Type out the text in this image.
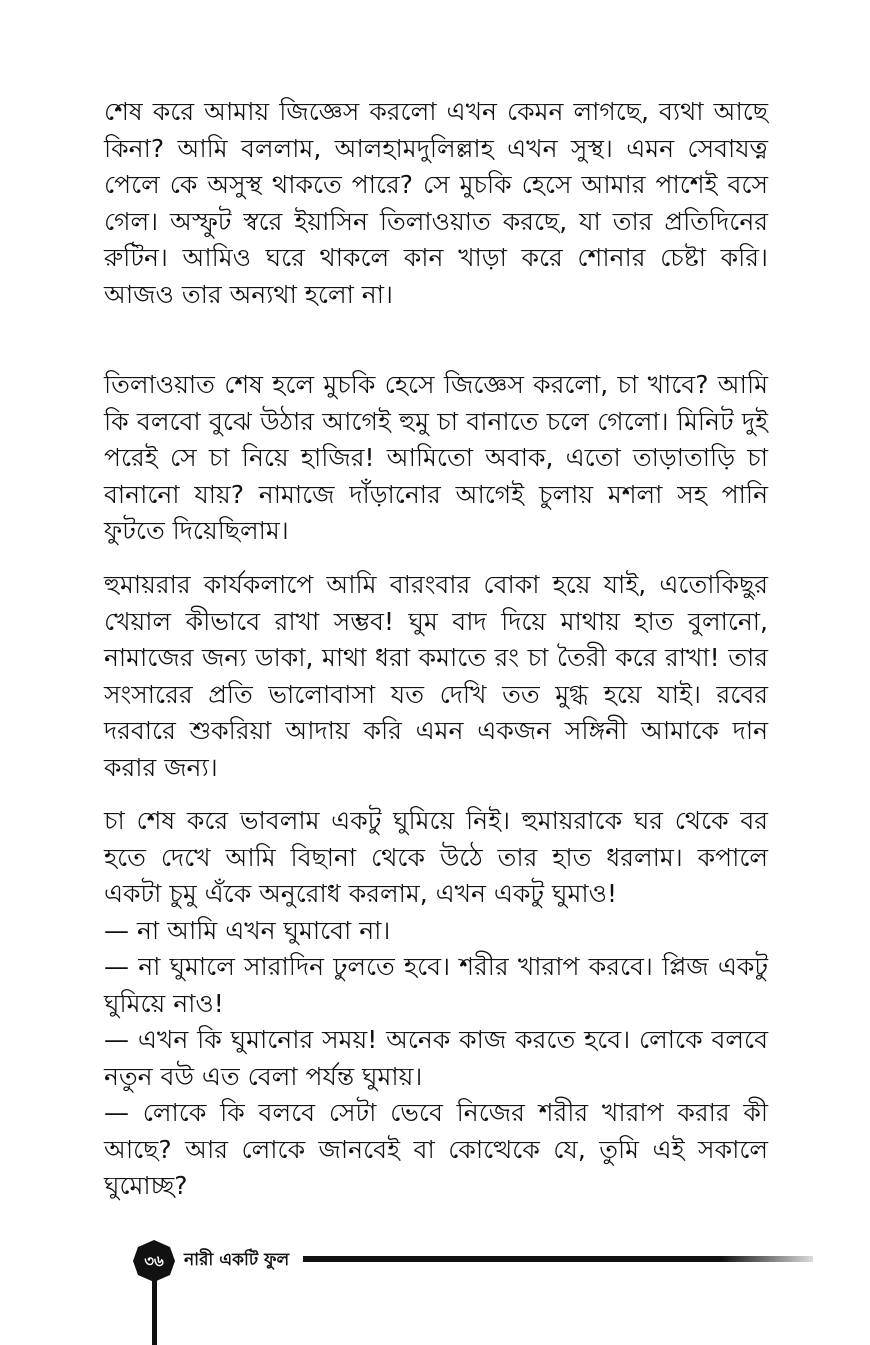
শেষ করে আমায় জিজ্ঞেস করলো এখন কেমন লাগছে, ব্যথা আছে কিনা? আমি বললাম, আলহামদুলিল্লাহ এখন সুস্থ। এমন সেবাযত্ন পেলে কে অসুস্থ থাকতে পারে? সে মুচকি হেসে আমার পাশেই বসে গেল। অস্ফুট স্বরে ইয়াসিন তিলাওয়াত করছে, যা তার প্রতিদিনের রুটিন। আমিও ঘরে থাকলে কান খাড়া করে শোনার চেষ্টা করি। আজও তার অন্যথা হলো না।

তিলাওয়াত শেষ হলে মুচকি হেসে জিজ্ঞেস করলো, চা খাবে? আমি কি বলবো বুঝে উঠার আগেই হুমু চা বানাতে চলে গেলো। মিনিট দুই পরেই সে চা নিয়ে হাজির! আমিতো অবাক, এতো তাড়াতাড়ি চা বানানো যায়? নামাজে দাঁড়ানোর আগেই চুলায় মশলা সহ পানি ফুটতে দিয়েছিলাম।

হুমায়রার কার্যকলাপে আমি বারংবার বোকা হয়ে যাই, এতোকিছুর খেয়াল কীভাবে রাখা সম্ভব! ঘুম বাদ দিয়ে মাথায় হাত বুলানো, নামাজের জন্য ডাকা, মাথা ধরা কমাতে রং চা তৈরী করে রাখা! তার সংসারের প্রতি ভালোবাসা যত দেখি তত মুগ্ধ হয়ে যাই। রবের দরবারে শুকরিয়া আদায় করি এমন একজন সঙ্গিনী আমাকে দান করার জন্য।

চা শেষ করে ভাবলাম একটু ঘুমিয়ে নিই। হুমায়রাকে ঘর থেকে বর হতে দেখে আমি বিছানা থেকে উঠে তার হাত ধরলাম। কপালে একটা চুমু এঁকে অনুরোধ করলাম, এখন একটু ঘুমাও!

— না আমি এখন ঘুমাবো না।

— না ঘুমালে সারাদিন ঢুলতে হবে। শরীর খারাপ করবে। প্লিজ একটু ঘুমিয়ে নাও!

— এখন কি ঘুমানোর সময়! অনেক কাজ করতে হবে। লোকে বলবে নতুন বউ এত বেলা পর্যন্ত ঘুমায়।

— লোকে কি বলবে সেটা ভেবে নিজের শরীর খারাপ করার কী আছে? আর লোকে জানবেই বা কোত্থেকে যে, তুমি এই সকালে ঘুমোচ্ছ?

৩৬	নারী একটি ফুল
